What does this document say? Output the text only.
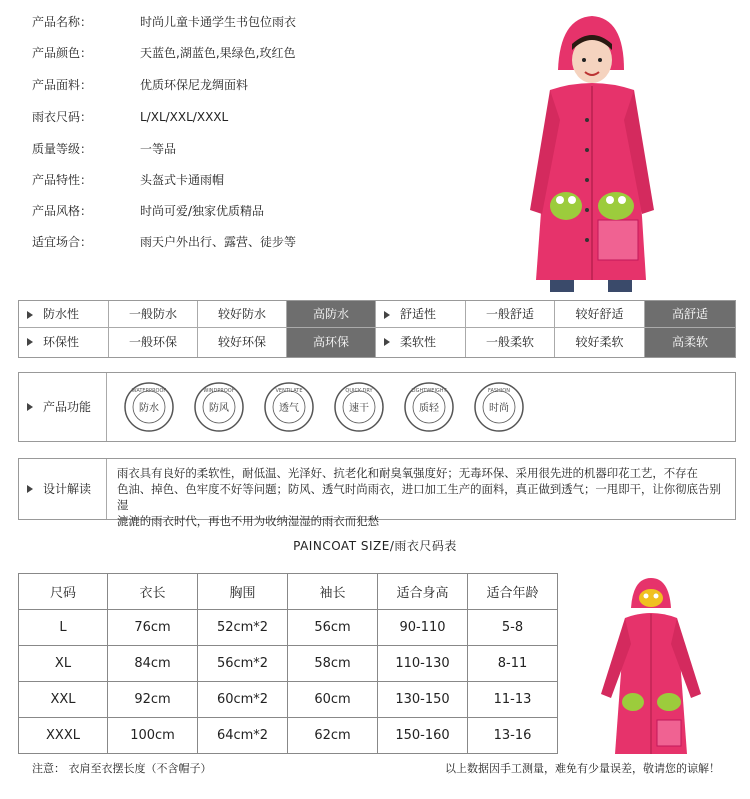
产品名称：	时尚儿童卡通学生书包位雨衣
产品颜色：	天蓝色,湖蓝色,果绿色,玫红色
产品面料：	优质环保尼龙绸面料
雨衣尺码：	L/XL/XXL/XXXL
质量等级：	一等品
产品特性：	头盔式卡通雨帽
产品风格：	时尚可爱/独家优质精品
适宜场合：	雨天户外出行、露营、徒步等
防水性	一般防水	较好防水	高防水	舒适性	一般舒适	较好舒适	高舒适
环保性	一般环保	较好环保	高环保	柔软性	一般柔软	较好柔软	高柔软
产品功能
WATERPROOF
防水
WINDPROOF
防风
VENTILATE
透气
QUICK-DRY
速干
LIGHTWEIGHT
质轻
FASHION
时尚
设计解读
雨衣具有良好的柔软性，耐低温、光泽好、抗老化和耐臭氧强度好；无毒环保、采用很先进的机器印花工艺，不存在
色油、掉色、色牢度不好等问题；防风、透气时尚雨衣，进口加工生产的面料，真正做到透气；一甩即干，让你彻底告别湿
漉漉的雨衣时代，再也不用为收纳湿湿的雨衣而犯愁
PAINCOAT SIZE/雨衣尺码表
尺码	衣长	胸围	袖长	适合身高	适合年龄
L	76cm	52cm*2	56cm	90-110	5-8
XL	84cm	56cm*2	58cm	110-130	8-11
XXL	92cm	60cm*2	60cm	130-150	11-13
XXXL	100cm	64cm*2	62cm	150-160	13-16
注意： 衣肩至衣摆长度（不含帽子）	以上数据因手工测量，难免有少量误差，敬请您的谅解！
